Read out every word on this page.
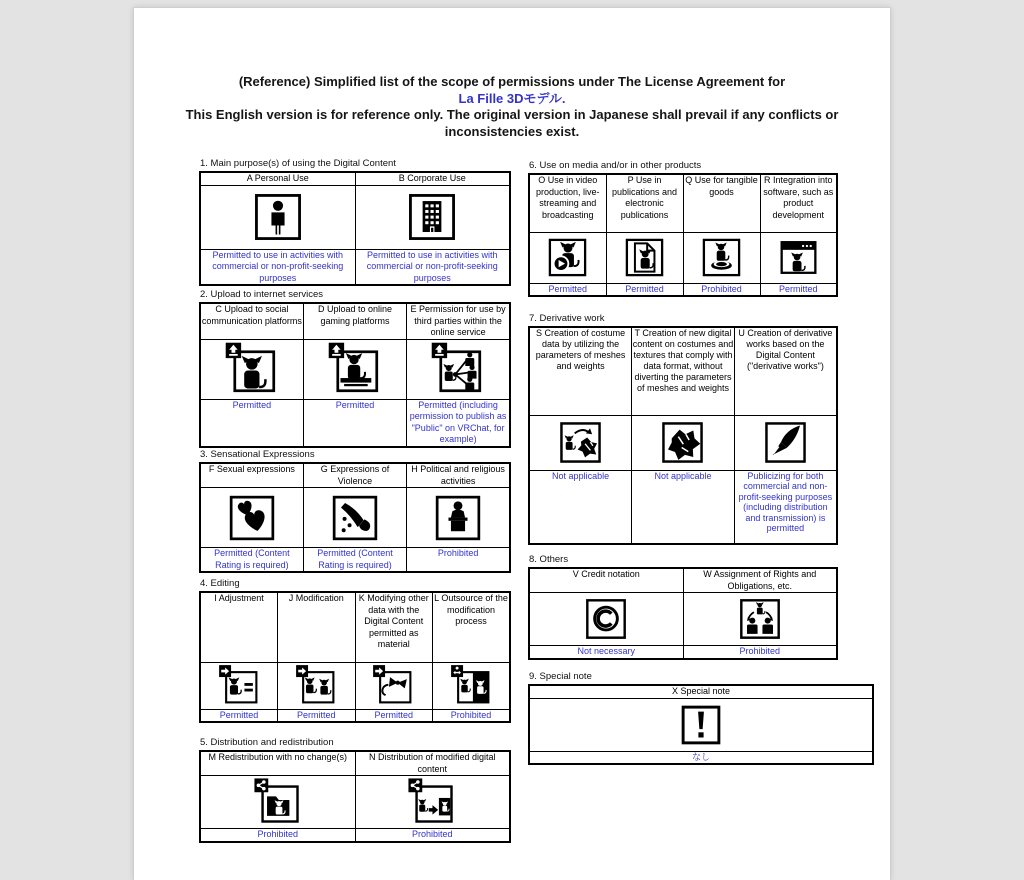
(Reference) Simplified list of the scope of permissions under The License Agreement for
La Fille 3Dモデル.
This English version is for reference only. The original version in Japanese shall prevail if any conflicts or inconsistencies exist.
1. Main purpose(s) of using the Digital Content
A Personal Use	B Corporate Use

Permitted to use in activities with commercial or non-profit-seeking purposes	Permitted to use in activities with commercial or non-profit-seeking purposes
2. Upload to internet services
C Upload to social communication platforms	D Upload to online gaming platforms	E Permission for use by third parties within the online service

Permitted	Permitted	Permitted (including permission to publish as "Public" on VRChat, for example)
3. Sensational Expressions
F Sexual expressions	G Expressions of Violence	H Political and religious activities

Permitted (Content Rating is required)	Permitted (Content Rating is required)	Prohibited
4. Editing
I Adjustment	J Modification	K Modifying other data with the Digital Content permitted as material	L Outsource of the modification process

Permitted	Permitted	Permitted	Prohibited
5. Distribution and redistribution
M Redistribution with no change(s)	N Distribution of modified digital content

Prohibited	Prohibited
6. Use on media and/or in other products
O Use in video production, live-streaming and broadcasting	P Use in publications and electronic publications	Q Use for tangible goods	R Integration into software, such as product development

Permitted	Permitted	Prohibited	Permitted
7. Derivative work
S Creation of costume data by utilizing the parameters of meshes and weights	T Creation of new digital content on costumes and textures that comply with data format, without diverting the parameters of meshes and weights	U Creation of derivative works based on the Digital Content ("derivative works")

Not applicable	Not applicable	Publicizing for both commercial and non-profit-seeking purposes (including distribution and transmission) is permitted
8. Others
V Credit notation	W Assignment of Rights and Obligations, etc.

Not necessary	Prohibited
9. Special note
X Special note

なし
